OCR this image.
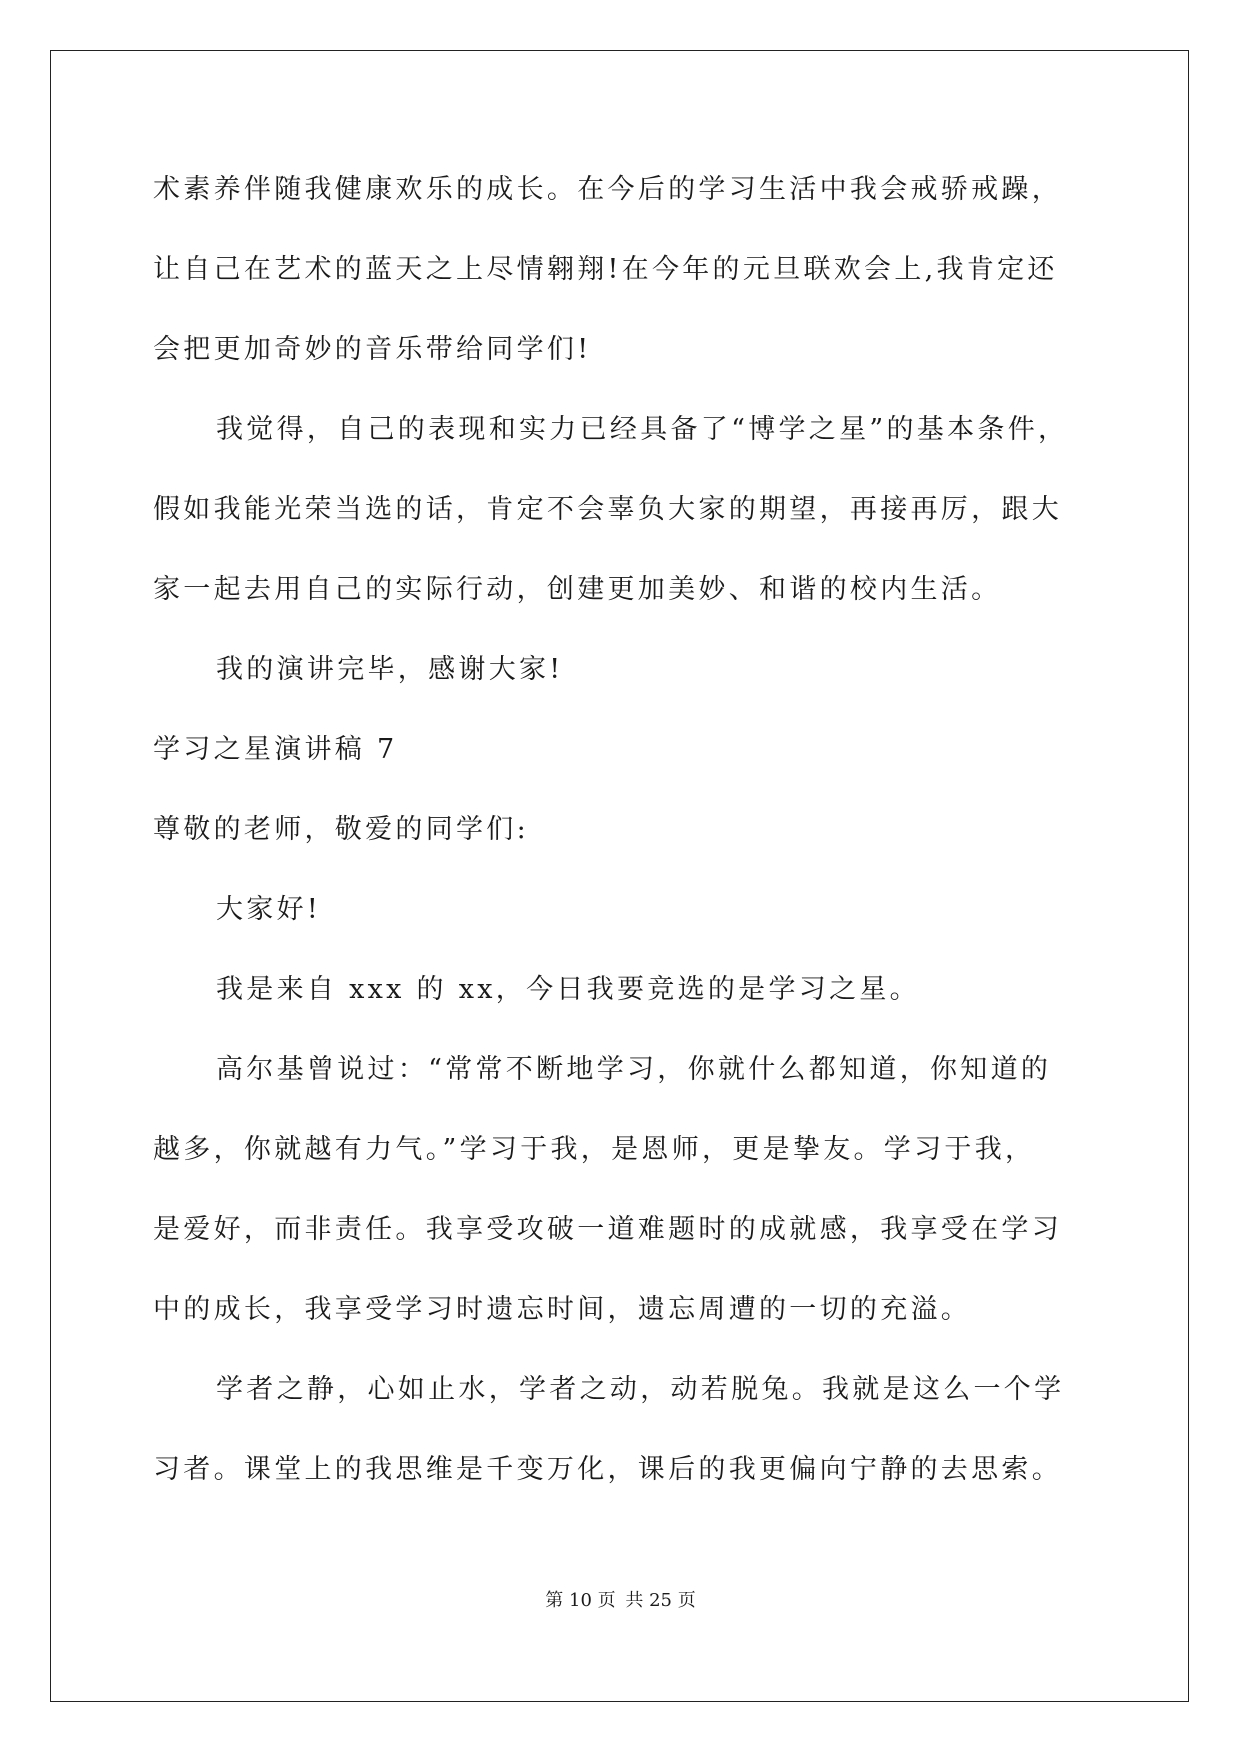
术素养伴随我健康欢乐的成长。在今后的学习生活中我会戒骄戒躁，
让自己在艺术的蓝天之上尽情翱翔!在今年的元旦联欢会上,我肯定还
会把更加奇妙的音乐带给同学们!
我觉得，自己的表现和实力已经具备了“博学之星”的基本条件，
假如我能光荣当选的话，肯定不会辜负大家的期望，再接再厉，跟大
家一起去用自己的实际行动，创建更加美妙、和谐的校内生活。
我的演讲完毕，感谢大家!
学习之星演讲稿 7
尊敬的老师，敬爱的同学们:
大家好!
我是来自 xxx 的 xx，今日我要竞选的是学习之星。
高尔基曾说过：“常常不断地学习，你就什么都知道，你知道的
越多，你就越有力气。”学习于我，是恩师，更是挚友。学习于我，
是爱好，而非责任。我享受攻破一道难题时的成就感，我享受在学习
中的成长，我享受学习时遗忘时间，遗忘周遭的一切的充溢。
学者之静，心如止水，学者之动，动若脱兔。我就是这么一个学
习者。课堂上的我思维是千变万化，课后的我更偏向宁静的去思索。
第 10 页 共 25 页
